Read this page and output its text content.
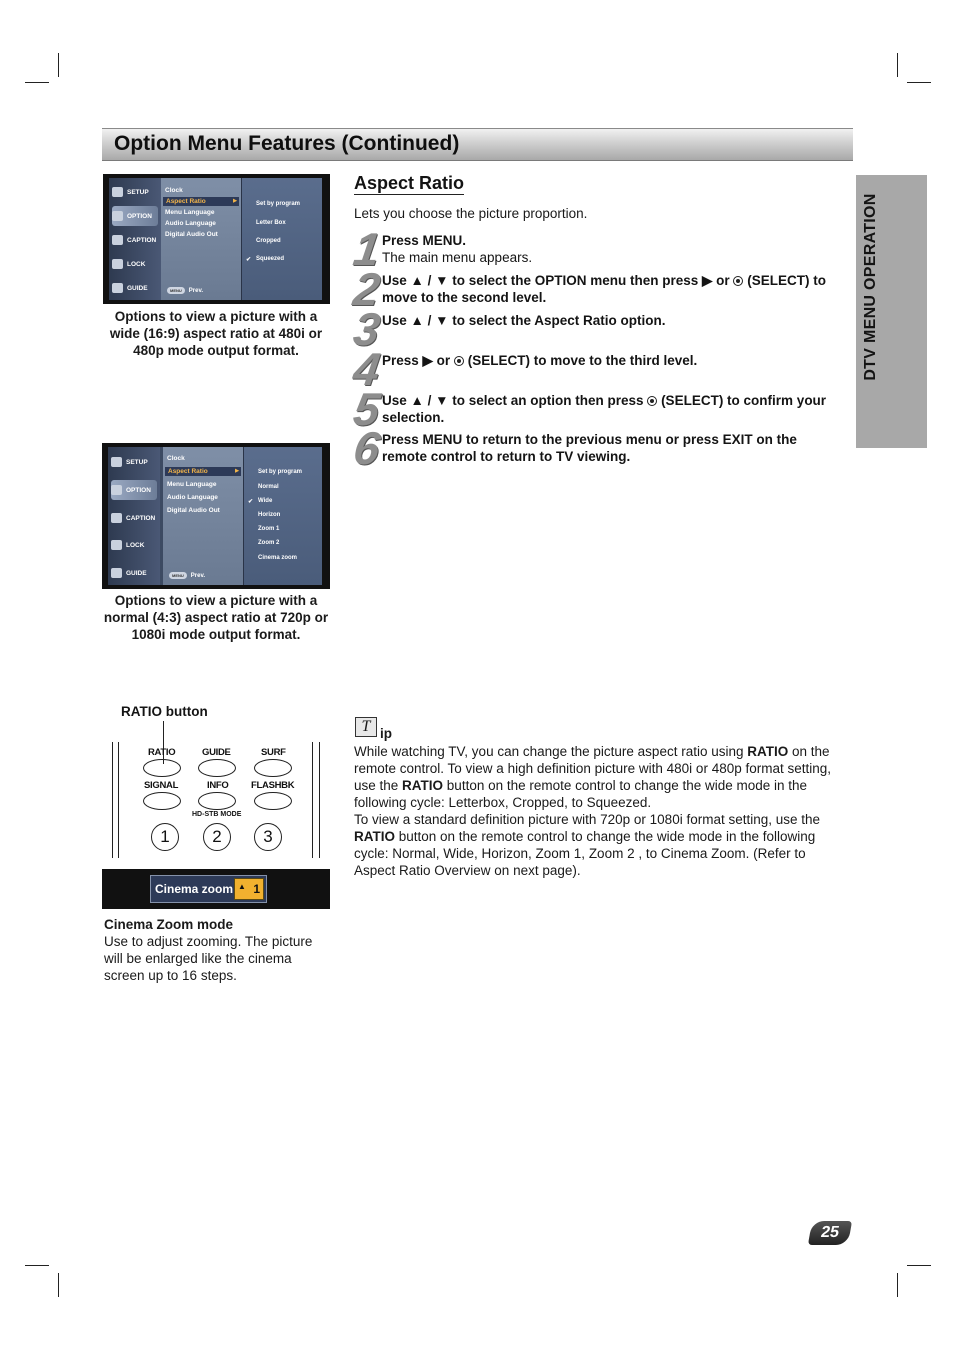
Option Menu Features (Continued)
DTV MENU OPERATION
SETUP
OPTION
CAPTION
LOCK
GUIDE
Clock
Aspect Ratio ▶
Menu Language
Audio Language
Digital Audio Out
MENU	Prev.
Set by program
Letter Box
Cropped
✔ Squeezed
Options to view a picture with a wide (16:9) aspect ratio at 480i or 480p mode output format.
SETUP
OPTION
CAPTION
LOCK
GUIDE
Clock
Aspect Ratio ▶
Menu Language
Audio Language
Digital Audio Out
MENU	Prev.
Set by program
Normal
✔ Wide
Horizon
Zoom 1
Zoom 2
Cinema zoom
Options to view a picture with a normal (4:3) aspect ratio at 720p or 1080i mode output format.
Aspect Ratio
Lets you choose the picture proportion.
1
Press MENU.
The main menu appears.
2
Use ▲ / ▼ to select the OPTION menu then press ▶ or (SELECT) to move to the second level.
3
Use ▲ / ▼ to select the Aspect Ratio option.
4
Press ▶ or (SELECT) to move to the third level.
5
Use ▲ / ▼ to select an option then press (SELECT) to confirm your selection.
6
Press MENU to return to the previous menu or press EXIT on the remote control to return to TV viewing.
RATIO button
RATIO	GUIDE	SURF
SIGNAL	INFO FLASHBK
HD-STB MODE
1	2	3
Cinema zoom
▲	1
Cinema Zoom mode
Use to adjust zooming. The picture will be enlarged like the cinema screen up to 16 steps.
T ip
While watching TV, you can change the picture aspect ratio using RATIO on the remote control. To view a high definition picture with 480i or 480p format setting, use the RATIO button on the remote control to change the wide mode in the following cycle: Letterbox, Cropped, to Squeezed.
To view a standard definition picture with 720p or 1080i format setting, use the RATIO button on the remote control to change the wide mode in the following cycle: Normal, Wide, Horizon, Zoom 1, Zoom 2 , to Cinema Zoom. (Refer to Aspect Ratio Overview on next page).
25
